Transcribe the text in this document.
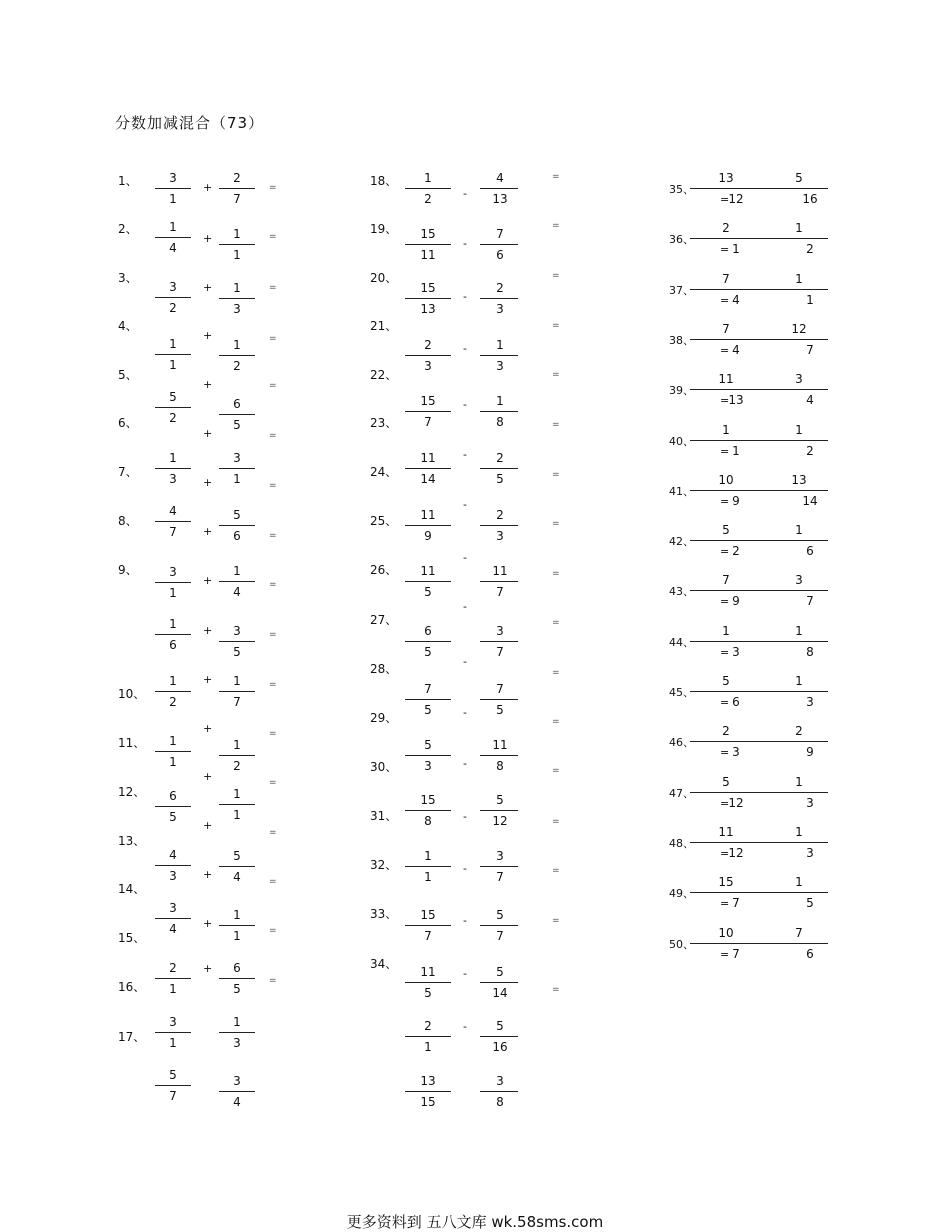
分数加减混合（73）
1、
2、
3、
4、
5、
6、
7、
8、
9、
10、
11、
12、
13、
14、
15、
16、
17、
3
1
2
7
1
4
1
1
3
2
1
3
1
1
1
2
5
2
6
5
1
3
3
1
4
7
5
6
3
1
1
4
1
6
3
5
1
2
1
7
1
1
1
2
6
5
1
1
4
3
5
4
3
4
1
1
2
1
6
5
3
1
1
3
5
7
3
4
+
+
+
+
+
+
+
+
+
+
+
+
+
+
+
+
+
=
=
=
=
=
=
=
=
=
=
=
=
=
=
=
=
=
18、
19、
20、
21、
22、
23、
24、
25、
26、
27、
28、
29、
30、
31、
32、
33、
34、
1
2
4
13
15
11
7
6
15
13
2
3
2
3
1
3
15
7
1
8
11
14
2
5
11
9
2
3
11
5
11
7
6
5
3
7
7
5
7
5
5
3
11
8
15
8
5
12
1
1
3
7
15
7
5
7
11
5
5
14
2
1
5
16
13
15
3
8
-
-
-
-
-
-
-
-
-
-
-
-
-
-
-
-
-
=
=
=
=
=
=
=
=
=
=
=
=
=
=
=
=
=
35、
13
= 12
5
16
36、
2
= 1
1
2
37、
7
= 4
1
1
38、
7
= 4
12
7
39、
11
= 13
3
4
40、
1
= 1
1
2
41、
10
= 9
13
14
42、
5
= 2
1
6
43、
7
= 9
3
7
44、
1
= 3
1
8
45、
5
= 6
1
3
46、
2
= 3
2
9
47、
5
= 12
1
3
48、
11
= 12
1
3
49、
15
= 7
1
5
50、
10
= 7
7
6
更多资料到 五八文库 wk.58sms.com
